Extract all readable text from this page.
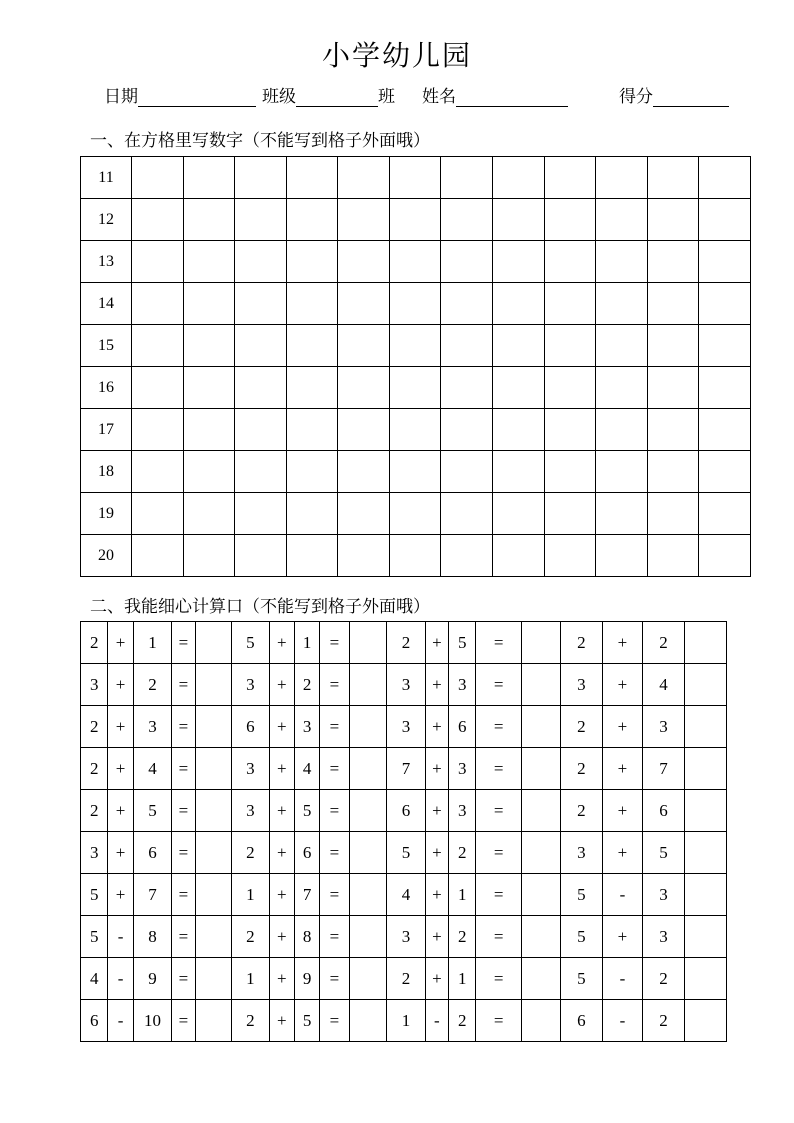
小学幼儿园
日期	班级	班 姓名	得分
一、在方格里写数字（不能写到格子外面哦）
11												
12												
13												
14												
15												
16												
17												
18												
19												
20												
二、我能细心计算口（不能写到格子外面哦）
2	+	1	=		5	+	1	=		2	+	5	=		2	+	2	
3	+	2	=		3	+	2	=		3	+	3	=		3	+	4	
2	+	3	=		6	+	3	=		3	+	6	=		2	+	3	
2	+	4	=		3	+	4	=		7	+	3	=		2	+	7	
2	+	5	=		3	+	5	=		6	+	3	=		2	+	6	
3	+	6	=		2	+	6	=		5	+	2	=		3	+	5	
5	+	7	=		1	+	7	=		4	+	1	=		5	-	3	
5	-	8	=		2	+	8	=		3	+	2	=		5	+	3	
4	-	9	=		1	+	9	=		2	+	1	=		5	-	2	
6	-	10	=		2	+	5	=		1	-	2	=		6	-	2	
